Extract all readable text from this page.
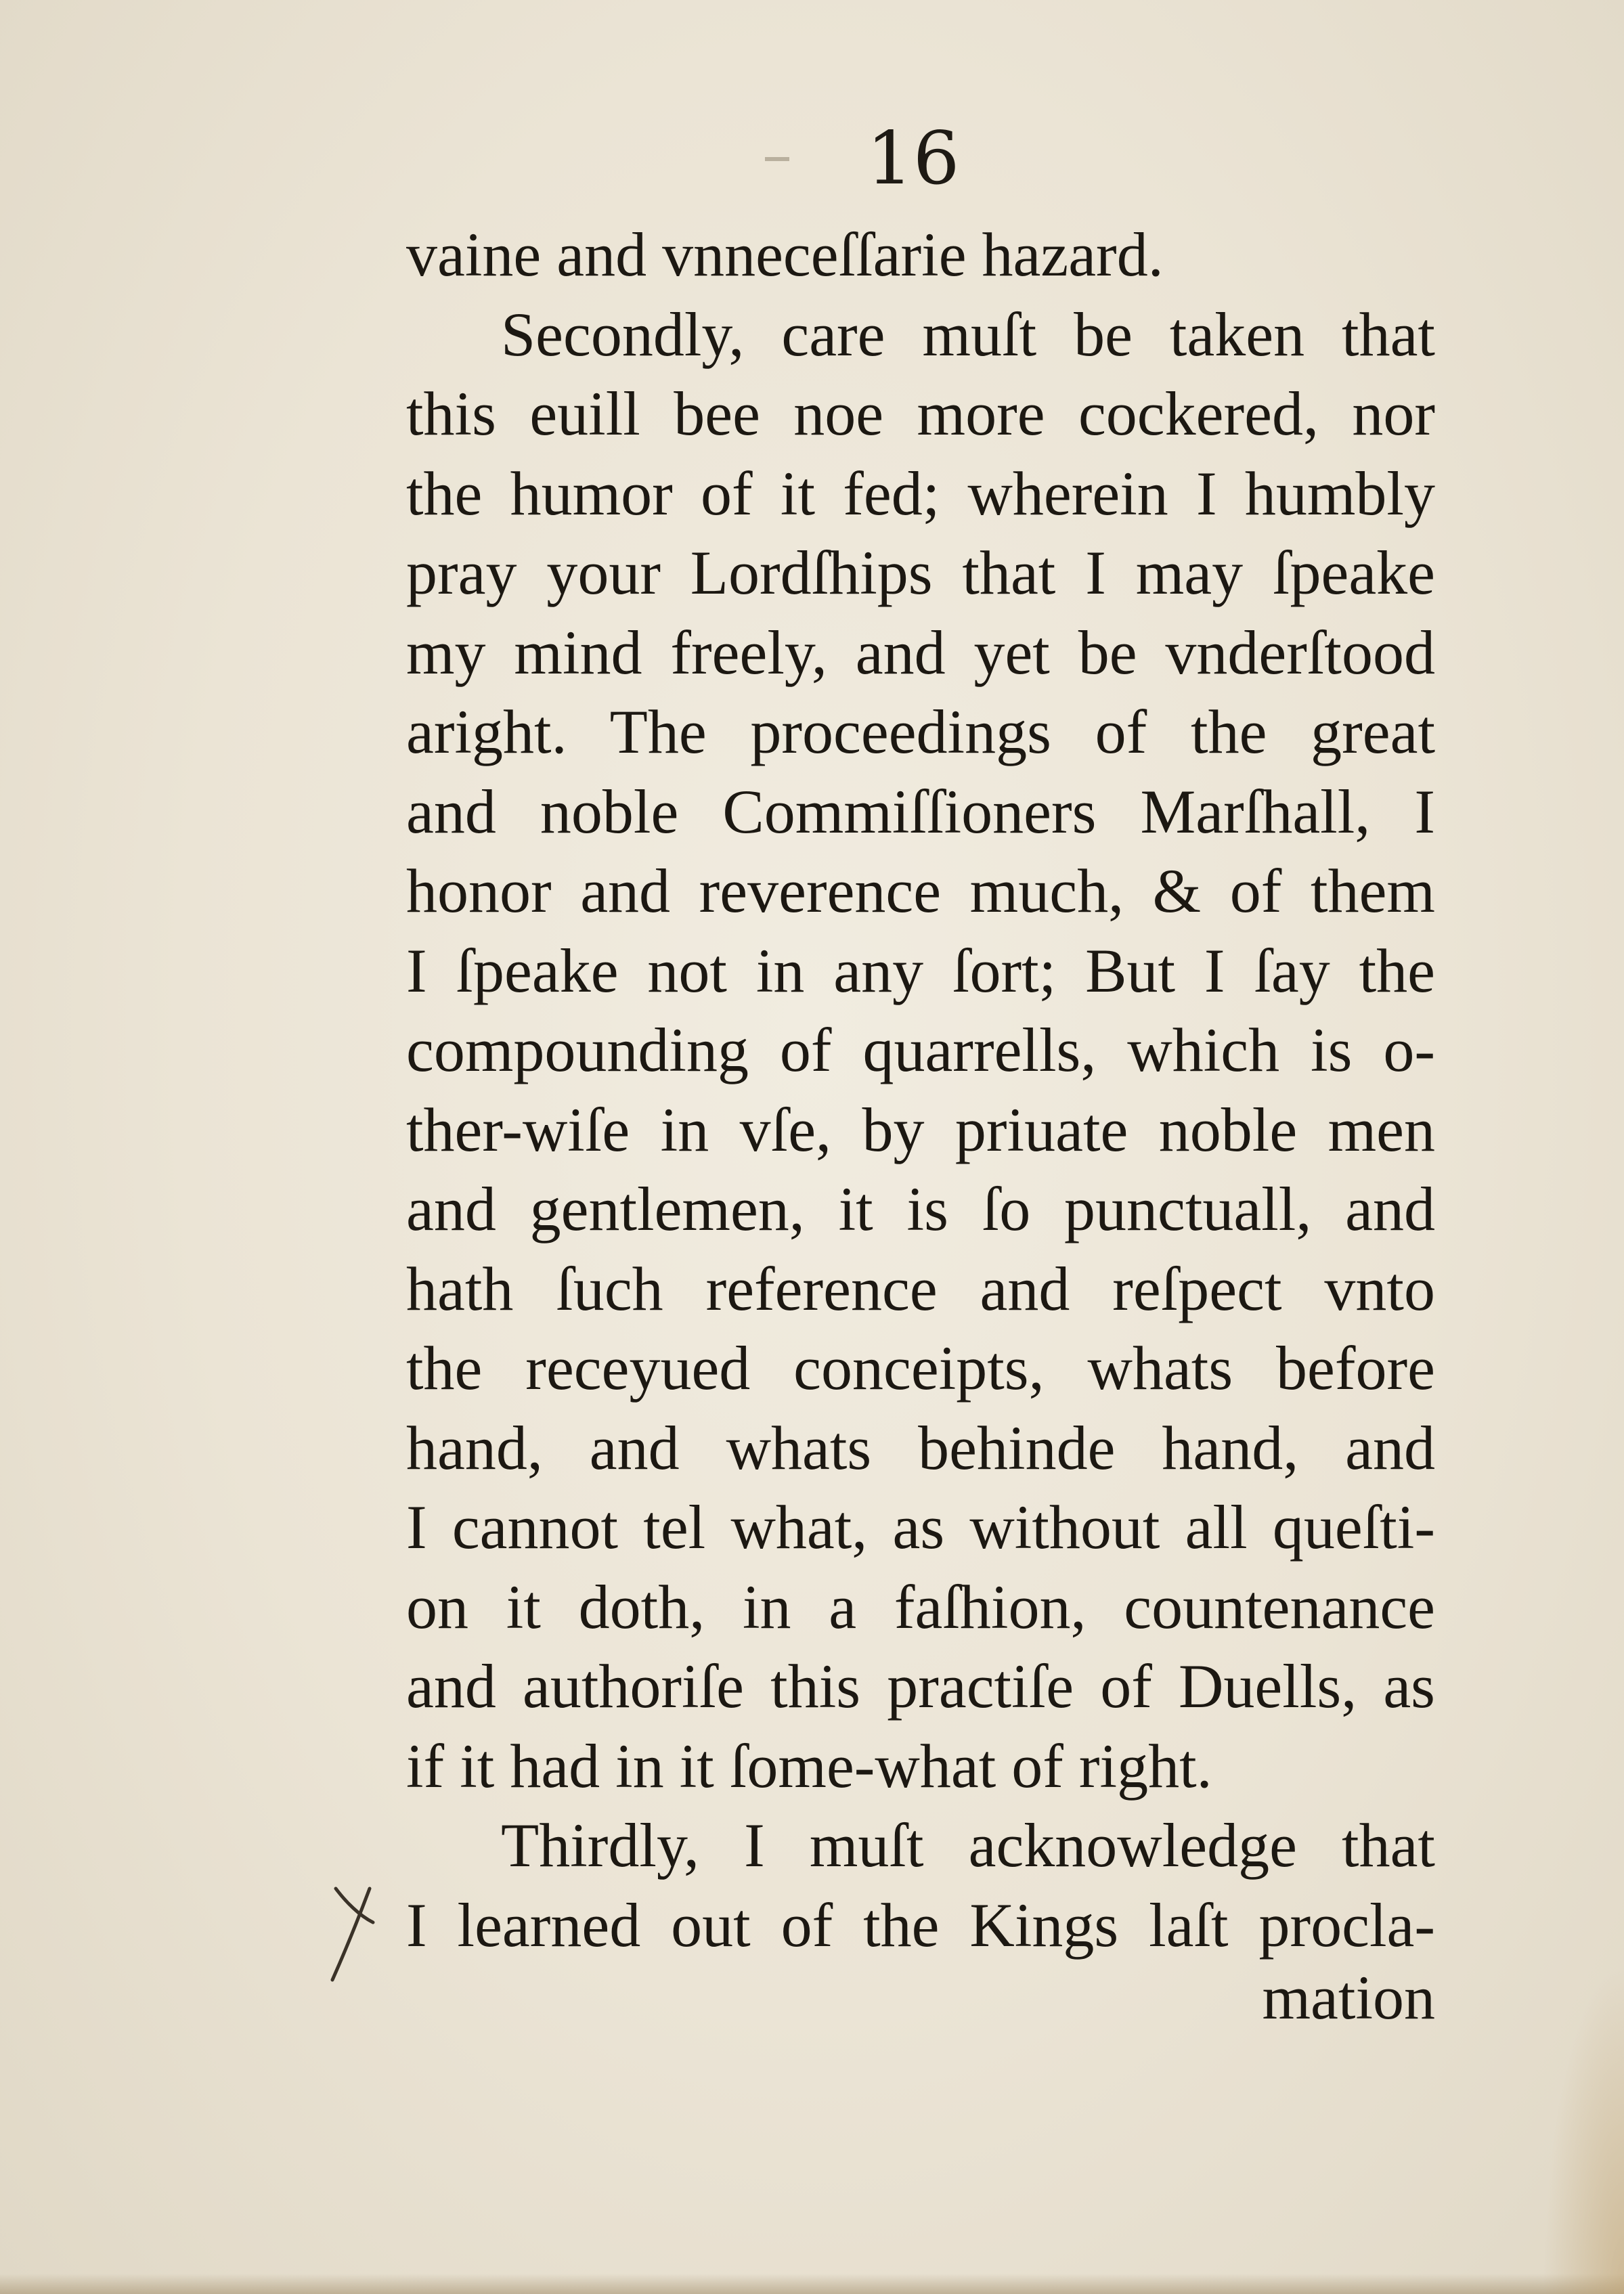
16
vaine and vnneceſſarie hazard.
Secondly, care muſt be taken that
this euill bee noe more cockered, nor
the humor of it fed; wherein I humbly
pray your Lordſhips that I may ſpeake
my mind freely, and yet be vnderſtood
aright. The proceedings of the great
and noble Commiſſioners Marſhall, I
honor and reverence much, & of them
I ſpeake not in any ſort; But I ſay the
compounding of quarrells, which is o-
ther-wiſe in vſe, by priuate noble men
and gentlemen, it is ſo punctuall, and
hath ſuch reference and reſpect vnto
the receyued conceipts, whats before
hand, and whats behinde hand, and
I cannot tel what, as without all queſti-
on it doth, in a faſhion, countenance
and authoriſe this practiſe of Duells, as
if it had in it ſome-what of right.
Thirdly, I muſt acknowledge that
I learned out of the Kings laſt procla-
mation
